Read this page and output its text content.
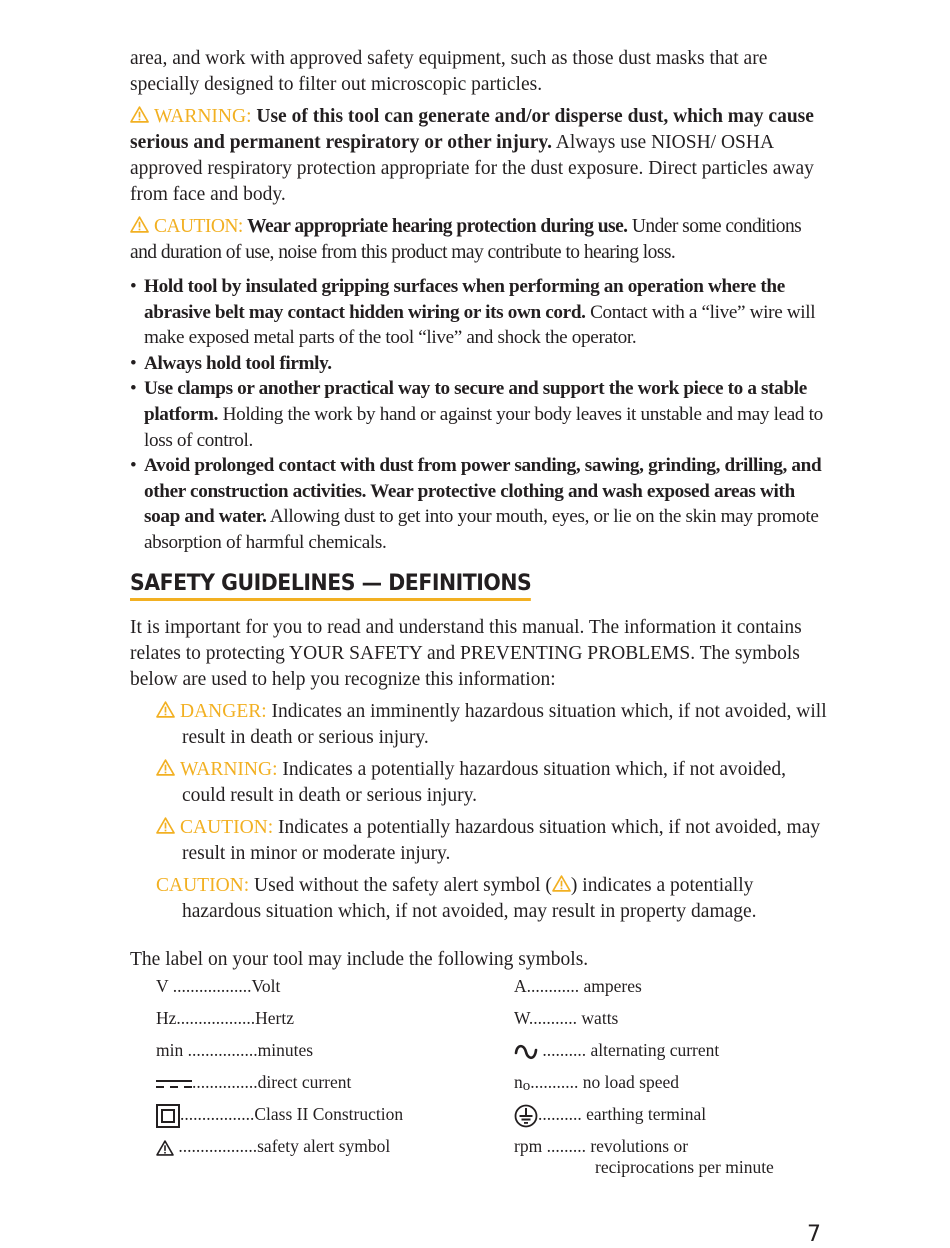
area, and work with approved safety equipment, such as those dust masks that are specially designed to filter out microscopic particles.

WARNING: Use of this tool can generate and/or disperse dust, which may cause serious and permanent respiratory or other injury. Always use NIOSH/ OSHA approved respiratory protection appropriate for the dust exposure. Direct particles away from face and body.

CAUTION: Wear appropriate hearing protection during use. Under some conditions and duration of use, noise from this product may contribute to hearing loss.

• Hold tool by insulated gripping surfaces when performing an operation where the abrasive belt may contact hidden wiring or its own cord. Contact with a “live” wire will make exposed metal parts of the tool “live” and shock the operator.
• Always hold tool firmly.
• Use clamps or another practical way to secure and support the work piece to a stable platform. Holding the work by hand or against your body leaves it unstable and may lead to loss of control.
• Avoid prolonged contact with dust from power sanding, sawing, grinding, drilling, and other construction activities. Wear protective clothing and wash exposed areas with soap and water. Allowing dust to get into your mouth, eyes, or lie on the skin may promote absorption of harmful chemicals.
SAFETY GUIDELINES — DEFINITIONS

It is important for you to read and understand this manual. The information it contains relates to protecting YOUR SAFETY and PREVENTING PROBLEMS. The symbols below are used to help you recognize this information:

DANGER: Indicates an imminently hazardous situation which, if not avoided, will result in death or serious injury.
WARNING: Indicates a potentially hazardous situation which, if not avoided, could result in death or serious injury.
CAUTION: Indicates a potentially hazardous situation which, if not avoided, may result in minor or moderate injury.
CAUTION: Used without the safety alert symbol ( ) indicates a potentially hazardous situation which, if not avoided, may result in property damage.

The label on your tool may include the following symbols.

V ..................Volt	A............ amperes
Hz..................Hertz	W........... watts
min ................minutes	.......... alternating current
...............direct current	no........... no load speed
.................Class II Construction	.......... earthing terminal
..................safety alert symbol	rpm ......... revolutions or
reciprocations per minute
7
